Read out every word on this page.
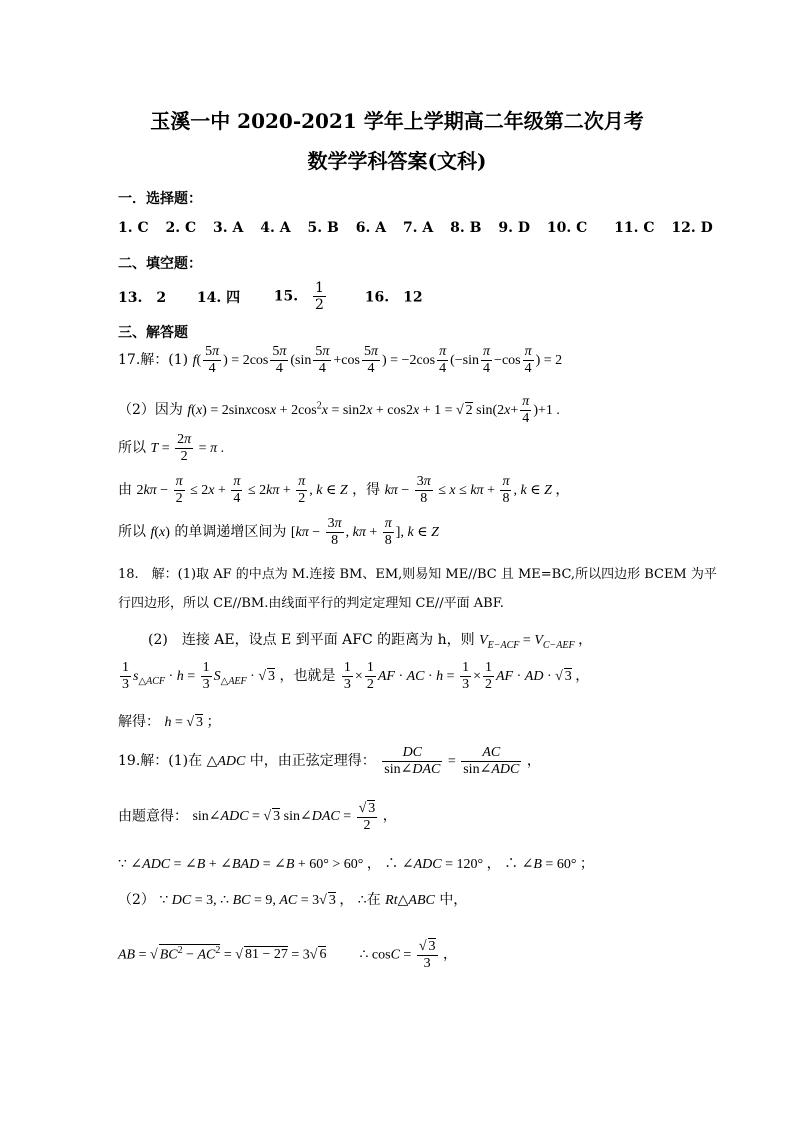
玉溪一中 2020-2021 学年上学期高二年级第二次月考
数学学科答案(文科)
一．选择题：
1. C 2. C 3. A 4. A 5. B 6. A 7. A 8. B 9. D 10. C 11. C 12. D
二、填空题：
13.　2 14. 四 15. $\frac{1}{2}$	16.　12
三、解答题
17.解：(1) $f( \frac{5\pi}{4}$ ) = $2\cos \frac{5\pi}{4} (\sin \frac{5\pi}{4} +\cos \frac{5\pi}{4}$ ) = $-2\cos \frac{\pi}{4} (-\sin \frac{\pi}{4} -\cos \frac{\pi}{4}$ ) = 2
（2）因为 f(x) = 2sinxcosx + $2\cos^2x = \sin 2x + \cos 2x + 1$ = √ 2 $\sin(2x+ \frac{\pi}{4} )+1$ .
所以 $T = \frac{2\pi}{2} = \pi$ .
由 $2k\pi - \frac{\pi}{2} \le 2x + \frac{\pi}{4} \le 2k\pi + \frac{\pi}{2}$ , k ∈ Z ，得 $k\pi - \frac{3\pi}{8} \le x \le k\pi + \frac{\pi}{8}$ , k ∈ Z ，
所以 f(x) 的单调递增区间为 [$k\pi - \frac{3\pi}{8}$ , $k\pi + \frac{\pi}{8}$ ], k ∈ Z
18.　解：(1)取 AF 的中点为 M.连接 BM、EM,则易知 ME//BC 且 ME=BC,所以四边形 BCEM 为平
行四边形，所以 CE//BM.由线面平行的判定定理知 CE//平面 ABF.
(2)　连接 AE，设点 E 到平面 AFC 的距离为 h，则 $V_{E-ACF} = V_{C-AEF}$ ，
$\frac{1}{3} s_{\triangle ACF} \cdot h = \frac{1}{3} S_{\triangle AEF}$ · √ 3 ，也就是 $\frac{1}{3} \times \frac{1}{2}$ AF · AC · $h = \frac{1}{3} \times \frac{1}{2}$ AF · AD · √ 3 ，
解得： h = √ 3 ；
19.解：(1)在 △ADC 中，由正弦定理得： $\frac{DC}{\text{sin∠DAC}} = \frac{AC}{\text{sin∠ADC}}$ ，
由题意得： sin∠ADC = √ 3 sin∠DAC = $\frac{√ 3}{2}$ ，
∵ ∠ADC = ∠B + ∠BAD = ∠B + 60° > 60° ， ∴ ∠ADC = 120° ， ∴ ∠B = 60° ；
（2） ∵ DC = 3, ∴ BC = 9, AC = 3√ 3 ， ∴在 Rt△ABC 中，
AB = √ $BC^2 - AC^2$ = √ 81 − 27 = 3√ 6  ∴ $\cos C = \frac{√ 3}{3}$ ，
